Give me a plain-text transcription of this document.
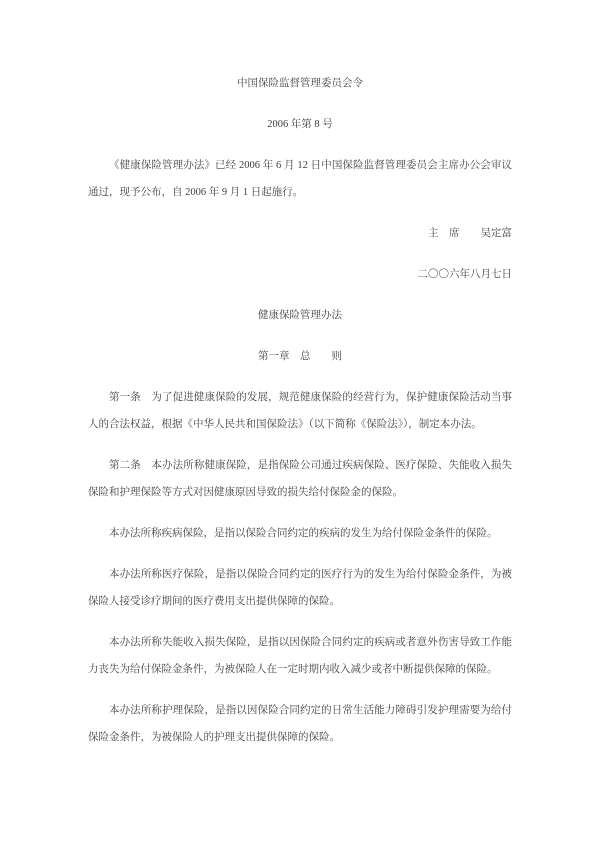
中国保险监督管理委员会令

2006 年第 8 号

《健康保险管理办法》已经 2006 年 6 月 12 日中国保险监督管理委员会主席办公会审议通过，现予公布，自 2006 年 9 月 1 日起施行。

主　席　　吴定富

二〇〇六年八月七日

健康保险管理办法

第一章　总　　则

第一条　为了促进健康保险的发展，规范健康保险的经营行为，保护健康保险活动当事人的合法权益，根据《中华人民共和国保险法》（以下简称《保险法》），制定本办法。

第二条　本办法所称健康保险，是指保险公司通过疾病保险、医疗保险、失能收入损失保险和护理保险等方式对因健康原因导致的损失给付保险金的保险。

本办法所称疾病保险，是指以保险合同约定的疾病的发生为给付保险金条件的保险。

本办法所称医疗保险，是指以保险合同约定的医疗行为的发生为给付保险金条件，为被保险人接受诊疗期间的医疗费用支出提供保障的保险。

本办法所称失能收入损失保险，是指以因保险合同约定的疾病或者意外伤害导致工作能力丧失为给付保险金条件，为被保险人在一定时期内收入减少或者中断提供保障的保险。

本办法所称护理保险，是指以因保险合同约定的日常生活能力障碍引发护理需要为给付保险金条件，为被保险人的护理支出提供保障的保险。
